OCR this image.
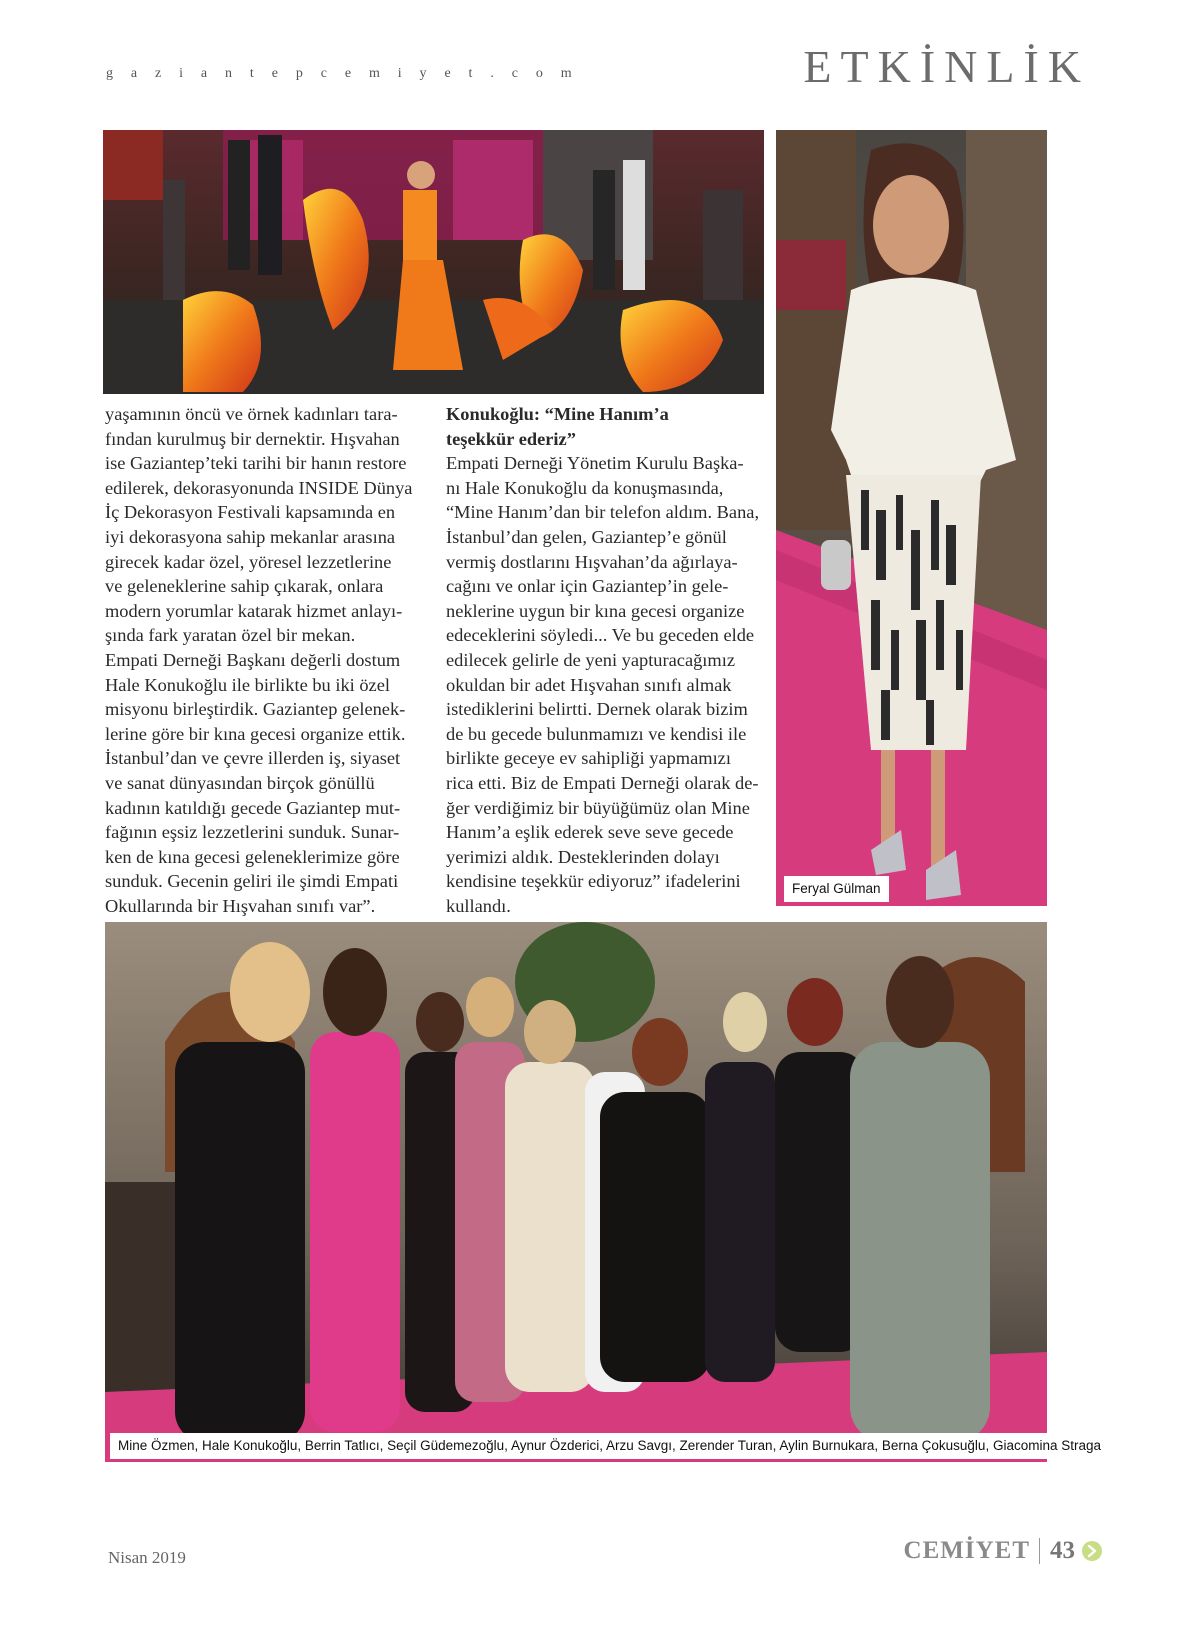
g a z i a n t e p c e m i y e t . c o m	ETKİNLİK
Feryal Gülman

yaşamının öncü ve örnek kadınları tara-

fından kurulmuş bir dernektir. Hışvahan

ise Gaziantep’teki tarihi bir hanın restore

edilerek, dekorasyonunda INSIDE Dünya

İç Dekorasyon Festivali kapsamında en

iyi dekorasyona sahip mekanlar arasına

girecek kadar özel, yöresel lezzetlerine

ve geleneklerine sahip çıkarak, onlara

modern yorumlar katarak hizmet anlayı-

şında fark yaratan özel bir mekan.

Empati Derneği Başkanı değerli dostum

Hale Konukoğlu ile birlikte bu iki özel

misyonu birleştirdik. Gaziantep gelenek-

lerine göre bir kına gecesi organize ettik.

İstanbul’dan ve çevre illerden iş, siyaset

ve sanat dünyasından birçok gönüllü

kadının katıldığı gecede Gaziantep mut-

fağının eşsiz lezzetlerini sunduk. Sunar-

ken de kına gecesi geleneklerimize göre

sunduk. Gecenin geliri ile şimdi Empati

Okullarında bir Hışvahan sınıfı var”.

Konukoğlu: “Mine Hanım’a

teşekkür ederiz”

Empati Derneği Yönetim Kurulu Başka-

nı Hale Konukoğlu da konuşmasında,

“Mine Hanım’dan bir telefon aldım. Bana,

İstanbul’dan gelen, Gaziantep’e gönül

vermiş dostlarını Hışvahan’da ağırlaya-

cağını ve onlar için Gaziantep’in gele-

neklerine uygun bir kına gecesi organize

edeceklerini söyledi... Ve bu geceden elde

edilecek gelirle de yeni yapturacağımız

okuldan bir adet Hışvahan sınıfı almak

istediklerini belirtti. Dernek olarak bizim

de bu gecede bulunmamızı ve kendisi ile

birlikte geceye ev sahipliği yapmamızı

rica etti. Biz de Empati Derneği olarak de-

ğer verdiğimiz bir büyüğümüz olan Mine

Hanım’a eşlik ederek seve seve gecede

yerimizi aldık. Desteklerinden dolayı

kendisine teşekkür ediyoruz” ifadelerini

kullandı.

Mine Özmen, Hale Konukoğlu, Berrin Tatlıcı, Seçil Güdemezoğlu, Aynur Özderici, Arzu Savgı, Zerender Turan, Aylin Burnukara, Berna Çokusuğlu, Giacomina Straga
Nisan 2019	CEMİYET 43
